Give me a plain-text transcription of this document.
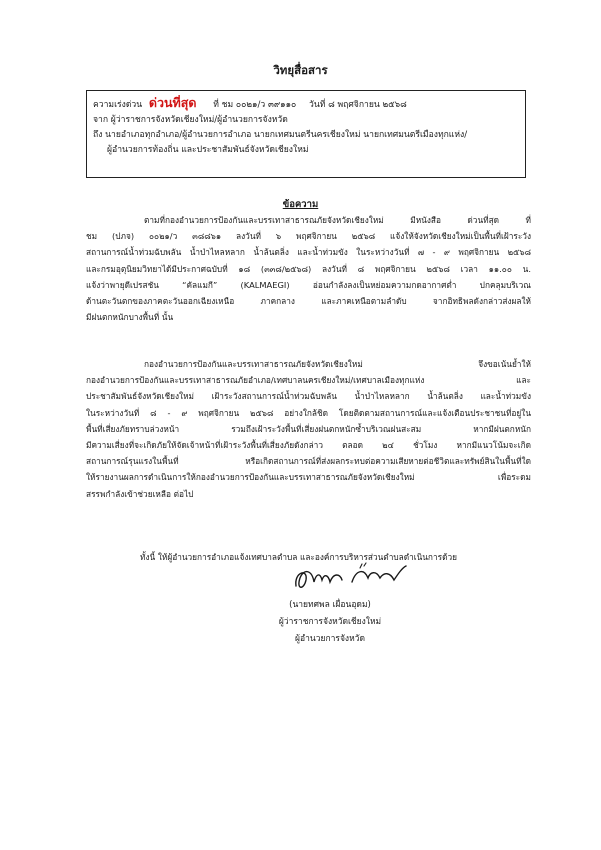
วิทยุสื่อสาร
ความเร่งด่วน ด่วนที่สุด ที่ ชม ๐๐๒๑/ว ๓๙๑๑๐ วันที่ ๘ พฤศจิกายน ๒๕๖๘
จาก ผู้ว่าราชการจังหวัดเชียงใหม่/ผู้อำนวยการจังหวัด
ถึง นายอำเภอทุกอำเภอ/ผู้อำนวยการอำเภอ นายกเทศมนตรีนครเชียงใหม่ นายกเทศมนตรีเมืองทุกแห่ง/
ผู้อำนวยการท้องถิ่น และประชาสัมพันธ์จังหวัดเชียงใหม่
ข้อความ
ตามที่กองอำนวยการป้องกันและบรรเทาสาธารณภัยจังหวัดเชียงใหม่ มีหนังสือ ด่วนที่สุด ที่
ชม (ปภจ) ๐๐๒๑/ว ๓๘๘๖๑ ลงวันที่ ๖ พฤศจิกายน ๒๕๖๘ แจ้งให้จังหวัดเชียงใหม่เป็นพื้นที่เฝ้าระวัง
สถานการณ์น้ำท่วมฉับพลัน น้ำป่าไหลหลาก น้ำล้นตลิ่ง และน้ำท่วมขัง ในระหว่างวันที่ ๗ - ๙ พฤศจิกายน ๒๕๖๘
และกรมอุตุนิยมวิทยาได้มีประกาศฉบับที่ ๑๘ (๓๓๘/๒๕๖๘) ลงวันที่ ๘ พฤศจิกายน ๒๕๖๘ เวลา ๑๑.๐๐ น.
แจ้งว่าพายุดีเปรสชัน “คัลแมกี” (KALMAEGI) อ่อนกำลังลงเป็นหย่อมความกดอากาศต่ำ ปกคลุมบริเวณ
ด้านตะวันตกของภาคตะวันออกเฉียงเหนือ ภาคกลาง และภาคเหนือตามลำดับ จากอิทธิพลดังกล่าวส่งผลให้
มีฝนตกหนักบางพื้นที่ นั้น
กองอำนวยการป้องกันและบรรเทาสาธารณภัยจังหวัดเชียงใหม่ จึงขอเน้นย้ำให้
กองอำนวยการป้องกันและบรรเทาสาธารณภัยอำเภอ/เทศบาลนครเชียงใหม่/เทศบาลเมืองทุกแห่ง และ
ประชาสัมพันธ์จังหวัดเชียงใหม่ เฝ้าระวังสถานการณ์น้ำท่วมฉับพลัน น้ำป่าไหลหลาก น้ำล้นตลิ่ง และน้ำท่วมขัง
ในระหว่างวันที่ ๘ - ๙ พฤศจิกายน ๒๕๖๘ อย่างใกล้ชิด โดยติดตามสถานการณ์และแจ้งเตือนประชาชนที่อยู่ใน
พื้นที่เสี่ยงภัยทราบล่วงหน้า รวมถึงเฝ้าระวังพื้นที่เสี่ยงฝนตกหนักซ้ำบริเวณฝนสะสม หากมีฝนตกหนัก
มีความเสี่ยงที่จะเกิดภัยให้จัดเจ้าหน้าที่เฝ้าระวังพื้นที่เสี่ยงภัยดังกล่าว ตลอด ๒๔ ชั่วโมง หากมีแนวโน้มจะเกิด
สถานการณ์รุนแรงในพื้นที่ หรือเกิดสถานการณ์ที่ส่งผลกระทบต่อความเสียหายต่อชีวิตและทรัพย์สินในพื้นที่ใด
ให้รายงานผลการดำเนินการให้กองอำนวยการป้องกันและบรรเทาสาธารณภัยจังหวัดเชียงใหม่ เพื่อระดม
สรรพกำลังเข้าช่วยเหลือ ต่อไป
ทั้งนี้ ให้ผู้อำนวยการอำเภอแจ้งเทศบาลตำบล และองค์การบริหารส่วนตำบลดำเนินการด้วย
(นายทศพล เผื่อนอุดม)
ผู้ว่าราชการจังหวัดเชียงใหม่
ผู้อำนวยการจังหวัด
